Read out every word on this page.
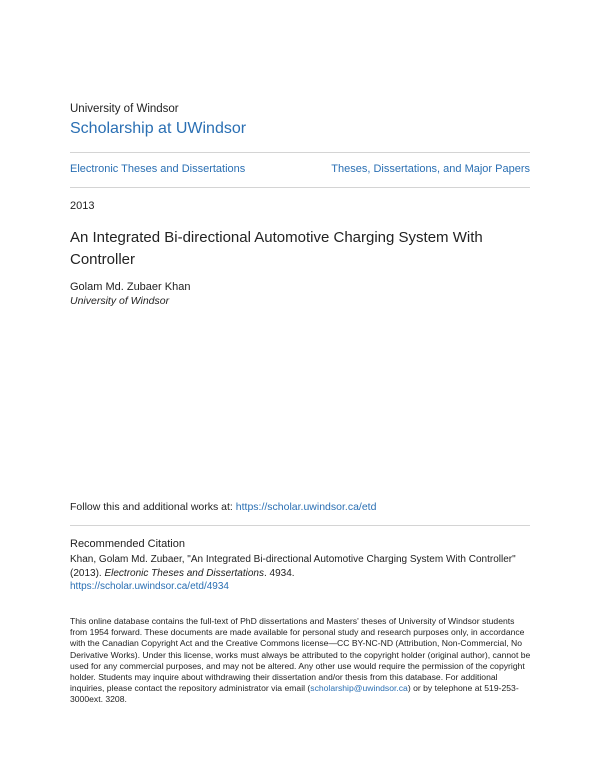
University of Windsor
Scholarship at UWindsor
Electronic Theses and Dissertations	Theses, Dissertations, and Major Papers
2013
An Integrated Bi-directional Automotive Charging System With Controller
Golam Md. Zubaer Khan
University of Windsor
Follow this and additional works at: https://scholar.uwindsor.ca/etd
Recommended Citation
Khan, Golam Md. Zubaer, "An Integrated Bi-directional Automotive Charging System With Controller"
(2013). Electronic Theses and Dissertations. 4934.
https://scholar.uwindsor.ca/etd/4934
This online database contains the full-text of PhD dissertations and Masters' theses of University of Windsor students from 1954 forward. These documents are made available for personal study and research purposes only, in accordance with the Canadian Copyright Act and the Creative Commons license—CC BY-NC-ND (Attribution, Non-Commercial, No Derivative Works). Under this license, works must always be attributed to the copyright holder (original author), cannot be used for any commercial purposes, and may not be altered. Any other use would require the permission of the copyright holder. Students may inquire about withdrawing their dissertation and/or thesis from this database. For additional inquiries, please contact the repository administrator via email (scholarship@uwindsor.ca) or by telephone at 519-253-3000ext. 3208.
